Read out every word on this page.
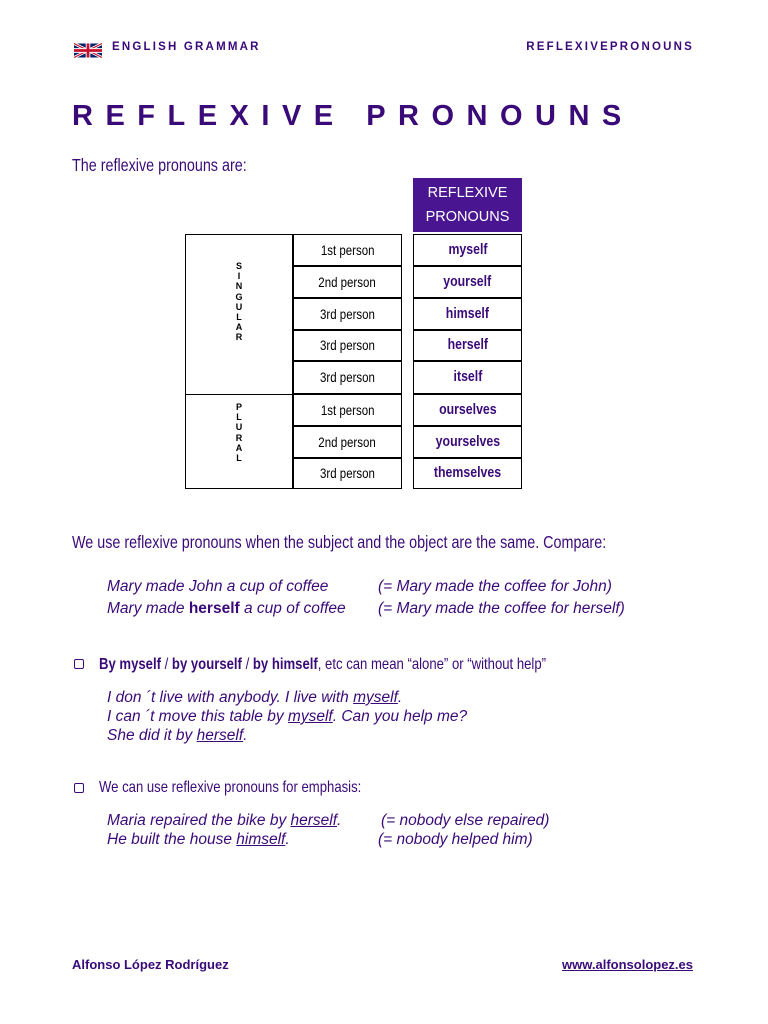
ENGLISH GRAMMAR	REFLEXIVEPRONOUNS
REFLEXIVE PRONOUNS
The reflexive pronouns are:
REFLEXIVE
PRONOUNS
S
I
N
G
U
L
A
R
P
L
U
R
A
L
1st person	myself
2nd person	yourself
3rd person	himself
3rd person	herself
3rd person	itself
1st person	ourselves
2nd person	yourselves
3rd person	themselves
We use reflexive pronouns when the subject and the object are the same. Compare:
Mary made John a cup of coffee	(= Mary made the coffee for John)
Mary made herself a cup of coffee (= Mary made the coffee for herself)
By myself / by yourself / by himself, etc can mean “alone” or “without help”
I don ´t live with anybody. I live with myself.
I can ´t move this table by myself. Can you help me?
She did it by herself.
We can use reflexive pronouns for emphasis:
Maria repaired the bike by herself.	(= nobody else repaired)
He built the house himself.	(= nobody helped him)
Alfonso López Rodríguez	www.alfonsolopez.es
